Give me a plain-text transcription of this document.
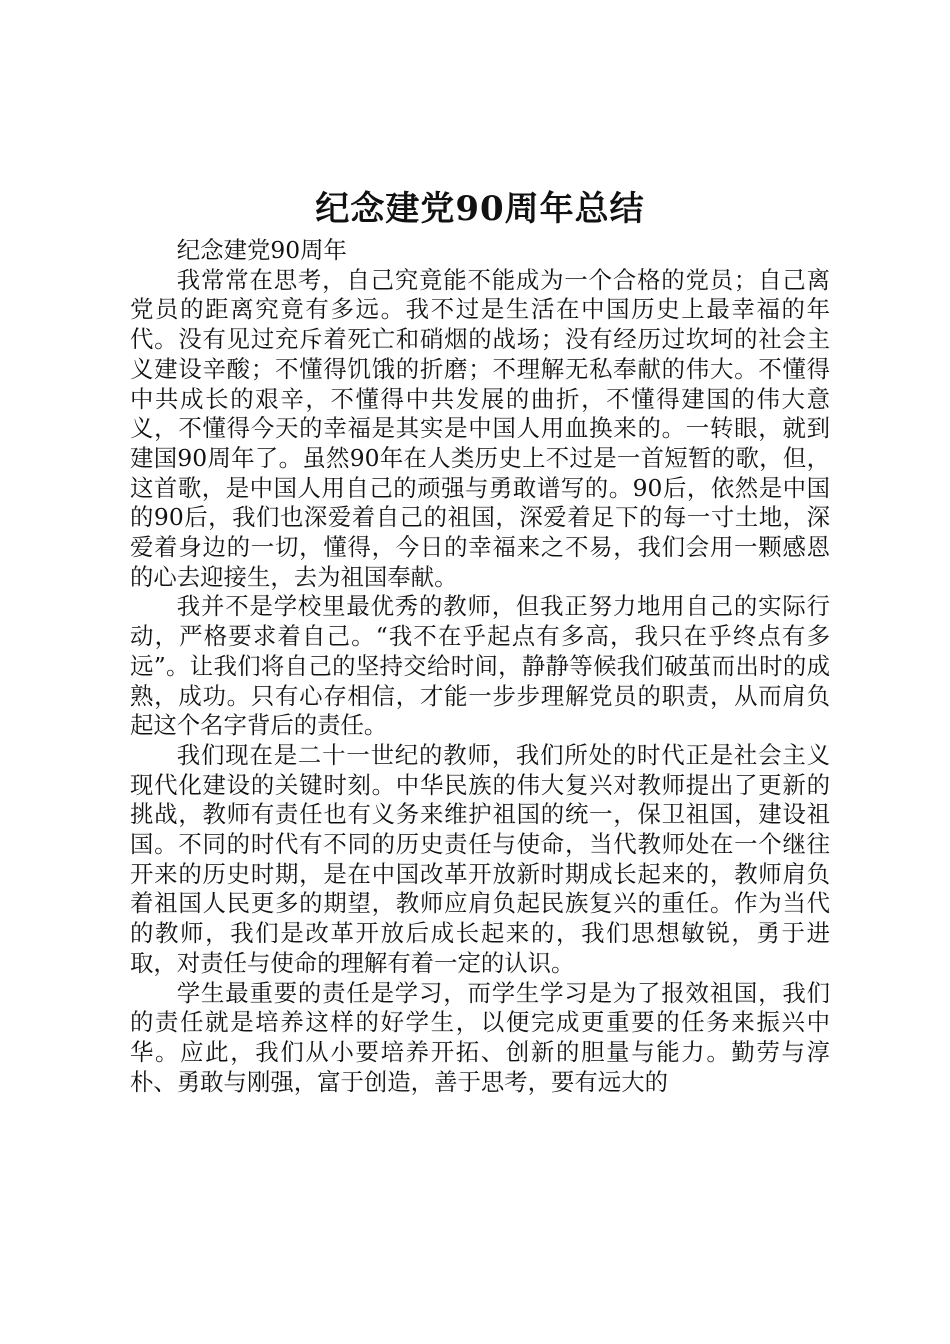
纪念建党90周年总结

纪念建党90周年

我常常在思考，自己究竟能不能成为一个合格的党员；自己离党员的距离究竟有多远。我不过是生活在中国历史上最幸福的年代。没有见过充斥着死亡和硝烟的战场；没有经历过坎坷的社会主义建设辛酸；不懂得饥饿的折磨；不理解无私奉献的伟大。不懂得中共成长的艰辛，不懂得中共发展的曲折，不懂得建国的伟大意义，不懂得今天的幸福是其实是中国人用血换来的。一转眼，就到建国90周年了。虽然90年在人类历史上不过是一首短暂的歌，但，这首歌，是中国人用自己的顽强与勇敢谱写的。90后，依然是中国的90后，我们也深爱着自己的祖国，深爱着足下的每一寸土地，深爱着身边的一切，懂得，今日的幸福来之不易，我们会用一颗感恩的心去迎接生，去为祖国奉献。

我并不是学校里最优秀的教师，但我正努力地用自己的实际行动，严格要求着自己。“我不在乎起点有多高，我只在乎终点有多远”。让我们将自己的坚持交给时间，静静等候我们破茧而出时的成熟，成功。只有心存相信，才能一步步理解党员的职责，从而肩负起这个名字背后的责任。

我们现在是二十一世纪的教师，我们所处的时代正是社会主义现代化建设的关键时刻。中华民族的伟大复兴对教师提出了更新的挑战，教师有责任也有义务来维护祖国的统一，保卫祖国，建设祖国。不同的时代有不同的历史责任与使命，当代教师处在一个继往开来的历史时期，是在中国改革开放新时期成长起来的，教师肩负着祖国人民更多的期望，教师应肩负起民族复兴的重任。作为当代的教师，我们是改革开放后成长起来的，我们思想敏锐，勇于进取，对责任与使命的理解有着一定的认识。

学生最重要的责任是学习，而学生学习是为了报效祖国，我们的责任就是培养这样的好学生，以便完成更重要的任务来振兴中华。应此，我们从小要培养开拓、创新的胆量与能力。勤劳与淳朴、勇敢与刚强，富于创造，善于思考，要有远大的
